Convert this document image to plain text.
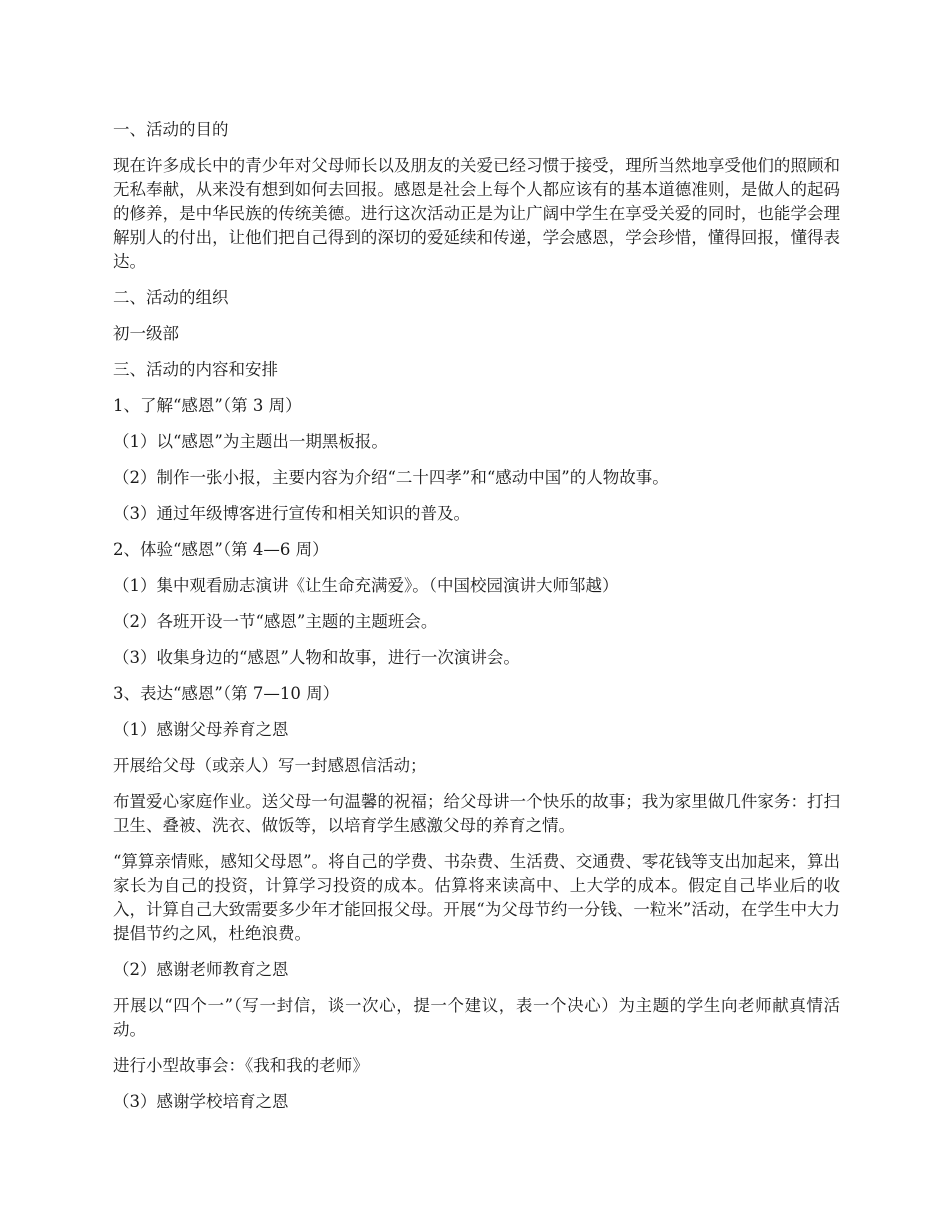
一、活动的目的

现在许多成长中的青少年对父母师长以及朋友的关爱已经习惯于接受，理所当然地享受他们的照顾和无私奉献，从来没有想到如何去回报。感恩是社会上每个人都应该有的基本道德准则，是做人的起码的修养，是中华民族的传统美德。进行这次活动正是为让广阔中学生在享受关爱的同时，也能学会理解别人的付出，让他们把自己得到的深切的爱延续和传递，学会感恩，学会珍惜，懂得回报，懂得表达。

二、活动的组织

初一级部

三、活动的内容和安排

1、了解“感恩”（第 3 周）

（1）以“感恩”为主题出一期黑板报。

（2）制作一张小报，主要内容为介绍“二十四孝”和“感动中国”的人物故事。

（3）通过年级博客进行宣传和相关知识的普及。

2、体验“感恩”（第 4—6 周）

（1）集中观看励志演讲《让生命充满爱》。（中国校园演讲大师邹越）

（2）各班开设一节“感恩”主题的主题班会。

（3）收集身边的“感恩”人物和故事，进行一次演讲会。

3、表达“感恩”（第 7—10 周）

（1）感谢父母养育之恩

开展给父母（或亲人）写一封感恩信活动；

布置爱心家庭作业。送父母一句温馨的祝福；给父母讲一个快乐的故事；我为家里做几件家务：打扫卫生、叠被、洗衣、做饭等，以培育学生感激父母的养育之情。

“算算亲情账，感知父母恩”。将自己的学费、书杂费、生活费、交通费、零花钱等支出加起来，算出家长为自己的投资，计算学习投资的成本。估算将来读高中、上大学的成本。假定自己毕业后的收入，计算自己大致需要多少年才能回报父母。开展“为父母节约一分钱、一粒米”活动，在学生中大力提倡节约之风，杜绝浪费。

（2）感谢老师教育之恩

开展以“四个一”（写一封信，谈一次心，提一个建议，表一个决心）为主题的学生向老师献真情活动。

进行小型故事会：《我和我的老师》

（3）感谢学校培育之恩
